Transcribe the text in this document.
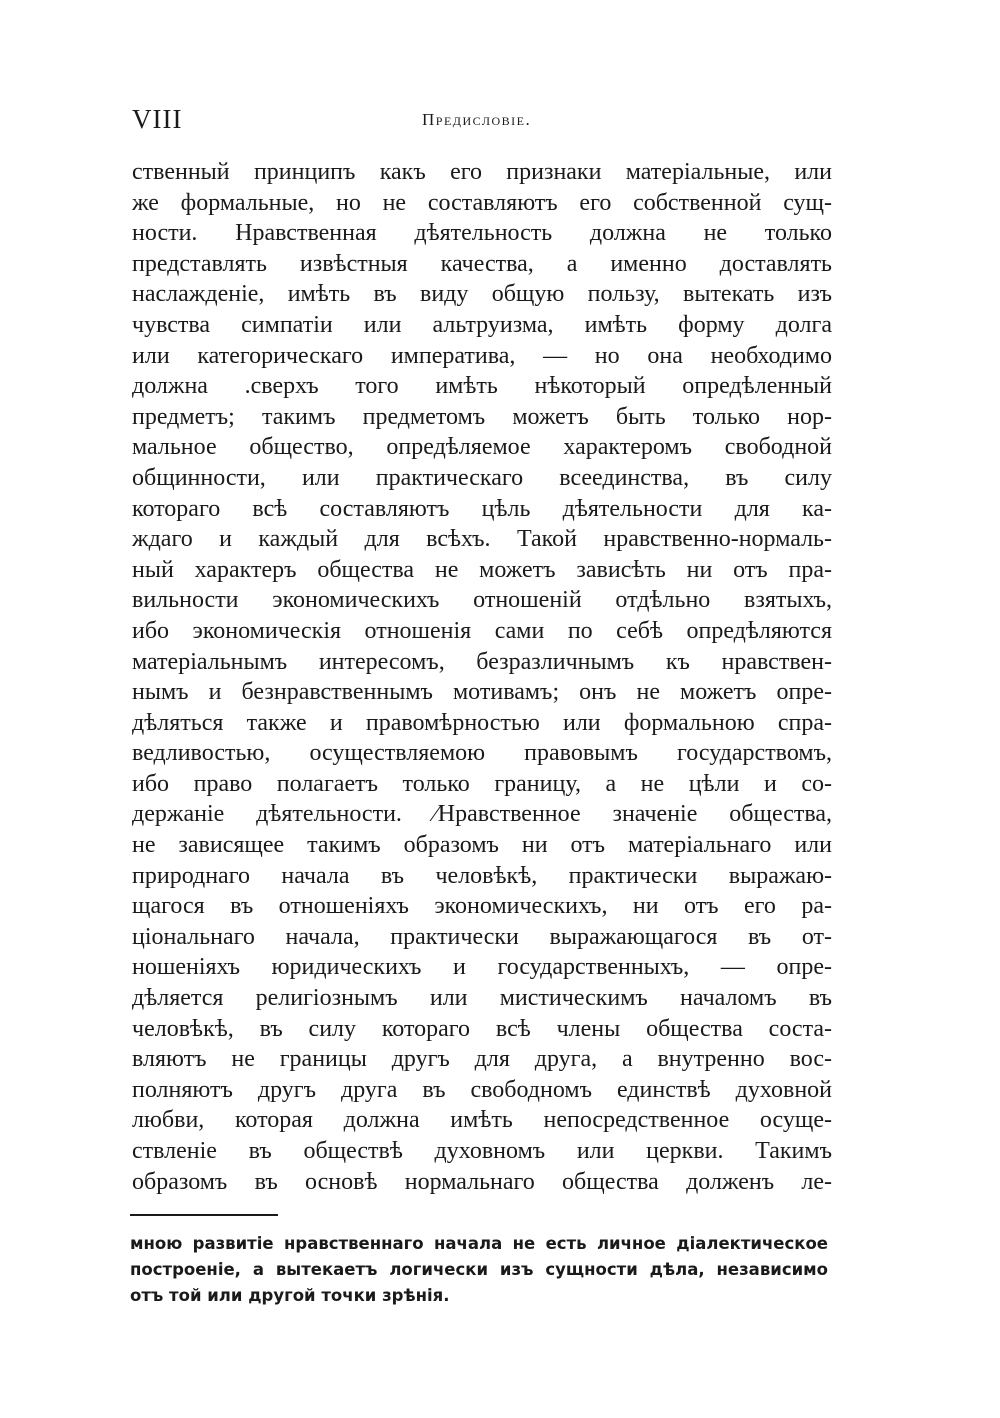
VIII	Предисловіе.
ственный принципъ какъ его признаки матеріальные, или
же формальные, но не составляютъ его собственной сущ-
ности. Нравственная дѣятельность должна не только
представлять извѣстныя качества, а именно доставлять
наслажденіе, имѣть въ виду общую пользу, вытекать изъ
чувства симпатіи или альтруизма, имѣть форму долга
или категорическаго императива, — но она необходимо
должна .сверхъ того имѣть нѣкоторый опредѣленный
предметъ; такимъ предметомъ можетъ быть только нор-
мальное общество, опредѣляемое характеромъ свободной
общинности, или практическаго всеединства, въ силу
котораго всѣ составляютъ цѣль дѣятельности для ка-
ждаго и каждый для всѣхъ. Такой нравственно-нормаль-
ный характеръ общества не можетъ зависѣть ни отъ пра-
вильности экономическихъ отношеній отдѣльно взятыхъ,
ибо экономическія отношенія сами по себѣ опредѣляются
матеріальнымъ интересомъ, безразличнымъ къ нравствен-
нымъ и безнравственнымъ мотивамъ; онъ не можетъ опре-
дѣляться также и правомѣрностью или формальною спра-
ведливостью, осуществляемою правовымъ государствомъ,
ибо право полагаетъ только границу, а не цѣли и со-
держаніе дѣятельности. ⁄Нравственное значеніе общества,
не зависящее такимъ образомъ ни отъ матеріальнаго или
природнаго начала въ человѣкѣ, практически выражаю-
щагося въ отношеніяхъ экономическихъ, ни отъ его ра-
ціональнаго начала, практически выражающагося въ от-
ношеніяхъ юридическихъ и государственныхъ, — опре-
дѣляется религіознымъ или мистическимъ началомъ въ
человѣкѣ, въ силу котораго всѣ члены общества соста-
вляютъ не границы другъ для друга, а внутренно вос-
полняютъ другъ друга въ свободномъ единствѣ духовной
любви, которая должна имѣть непосредственное осуще-
ствленіе въ обществѣ духовномъ или церкви. Такимъ
образомъ въ основѣ нормальнаго общества долженъ ле-
мною развитіе нравственнаго начала не есть личное діалектическое
построеніе, а вытекаетъ логически изъ сущности дѣла, независимо
отъ той или другой точки зрѣнія.
